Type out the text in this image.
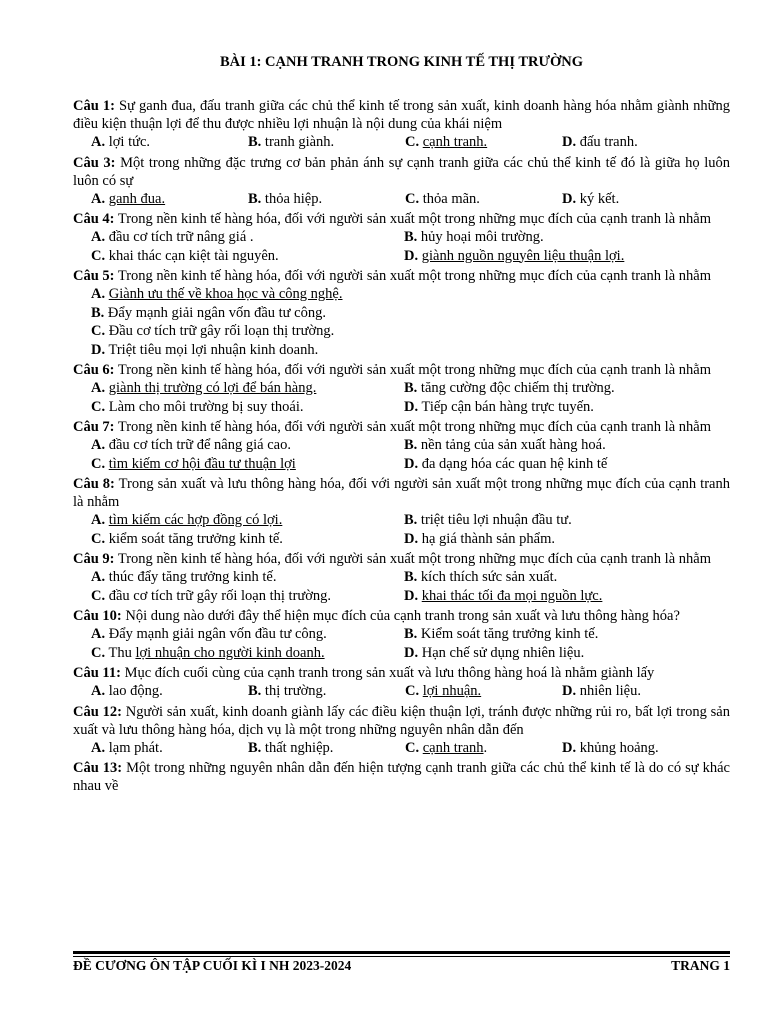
BÀI 1: CẠNH TRANH TRONG KINH TẾ THỊ TRƯỜNG
Câu 1: Sự ganh đua, đấu tranh giữa các chủ thể kinh tế trong sản xuất, kinh doanh hàng hóa nhằm giành những điều kiện thuận lợi để thu được nhiều lợi nhuận là nội dung của khái niệm
A. lợi tức.	B. tranh giành.	C. cạnh tranh.	D. đấu tranh.
Câu 3: Một trong những đặc trưng cơ bản phản ánh sự cạnh tranh giữa các chủ thể kinh tế đó là giữa họ luôn luôn có sự
A. ganh đua.	B. thỏa hiệp.	C. thỏa mãn.	D. ký kết.
Câu 4: Trong nền kinh tế hàng hóa, đối với người sản xuất một trong những mục đích của cạnh tranh là nhằm
A. đầu cơ tích trữ nâng giá .	B. hủy hoại môi trường.
C. khai thác cạn kiệt tài nguyên.	D. giành nguồn nguyên liệu thuận lợi.
Câu 5: Trong nền kinh tế hàng hóa, đối với người sản xuất một trong những mục đích của cạnh tranh là nhằm
A. Giành ưu thế về khoa học và công nghệ.
B. Đẩy mạnh giải ngân vốn đầu tư công.
C. Đầu cơ tích trữ gây rối loạn thị trường.
D. Triệt tiêu mọi lợi nhuận kinh doanh.
Câu 6: Trong nền kinh tế hàng hóa, đối với người sản xuất một trong những mục đích của cạnh tranh là nhằm
A. giành thị trường có lợi để bán hàng.	B. tăng cường độc chiếm thị trường.
C. Làm cho môi trường bị suy thoái.	D. Tiếp cận bán hàng trực tuyến.
Câu 7: Trong nền kinh tế hàng hóa, đối với người sản xuất một trong những mục đích của cạnh tranh là nhằm
A. đầu cơ tích trữ để nâng giá cao.	B. nền tảng của sản xuất hàng hoá.
C. tìm kiếm cơ hội đầu tư thuận lợi	D. đa dạng hóa các quan hệ kinh tế
Câu 8: Trong sản xuất và lưu thông hàng hóa, đối với người sản xuất một trong những mục đích của cạnh tranh là nhằm
A. tìm kiếm các hợp đồng có lợi.	B. triệt tiêu lợi nhuận đầu tư.
C. kiểm soát tăng trưởng kinh tế.	D. hạ giá thành sản phẩm.
Câu 9: Trong nền kinh tế hàng hóa, đối với người sản xuất một trong những mục đích của cạnh tranh là nhằm
A. thúc đẩy tăng trưởng kinh tế.	B. kích thích sức sản xuất.
C. đầu cơ tích trữ gây rối loạn thị trường.	D. khai thác tối đa mọi nguồn lực.
Câu 10: Nội dung nào dưới đây thể hiện mục đích của cạnh tranh trong sản xuất và lưu thông hàng hóa?
A. Đẩy mạnh giải ngân vốn đầu tư công.	B. Kiểm soát tăng trưởng kinh tế.
C. Thu lợi nhuận cho người kinh doanh.	D. Hạn chế sử dụng nhiên liệu.
Câu 11: Mục đích cuối cùng của cạnh tranh trong sản xuất và lưu thông hàng hoá là nhằm giành lấy
A. lao động.	B. thị trường.	C. lợi nhuận.	D. nhiên liệu.
Câu 12: Người sản xuất, kinh doanh giành lấy các điều kiện thuận lợi, tránh được những rủi ro, bất lợi trong sản xuất và lưu thông hàng hóa, dịch vụ là một trong những nguyên nhân dẫn đến
A. lạm phát.	B. thất nghiệp.	C. cạnh tranh.	D. khủng hoảng.
Câu 13: Một trong những nguyên nhân dẫn đến hiện tượng cạnh tranh giữa các chủ thể kinh tế là do có sự khác nhau về
ĐỀ CƯƠNG ÔN TẬP CUỐI KÌ I NH 2023-2024	TRANG 1
